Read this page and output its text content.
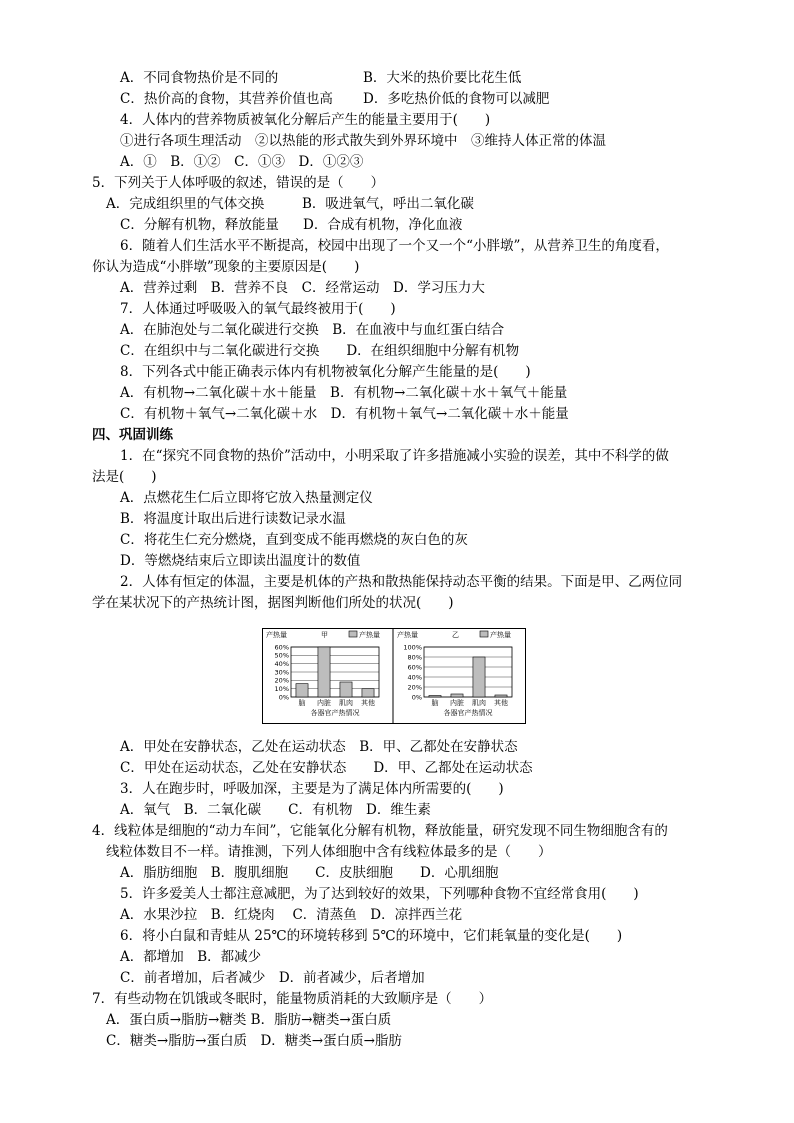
A．不同食物热价是不同的	B．大米的热价要比花生低
C．热价高的食物，其营养价值也高 D．多吃热价低的食物可以减肥
4．人体内的营养物质被氧化分解后产生的能量主要用于(　　)
①进行各项生理活动　②以热能的形式散失到外界环境中　③维持人体正常的体温
A．①　B．①②　C．①③　D．①②③
5．下列关于人体呼吸的叙述，错误的是（　　）
A．完成组织里的气体交换	B．吸进氧气，呼出二氧化碳
C．分解有机物，释放能量 D．合成有机物，净化血液
6．随着人们生活水平不断提高，校园中出现了一个又一个“小胖墩”，从营养卫生的角度看，
你认为造成“小胖墩”现象的主要原因是(　　)
A．营养过剩　B．营养不良　C．经常运动　D．学习压力大
7．人体通过呼吸吸入的氧气最终被用于(　　)
A．在肺泡处与二氧化碳进行交换　B．在血液中与血红蛋白结合
C．在组织中与二氧化碳进行交换　　D．在组织细胞中分解有机物
8．下列各式中能正确表示体内有机物被氧化分解产生能量的是(　　)
A．有机物→二氧化碳＋水＋能量　B．有机物→二氧化碳＋水＋氧气＋能量
C．有机物＋氧气→二氧化碳＋水　D．有机物＋氧气→二氧化碳＋水＋能量
四、巩固训练
1．在“探究不同食物的热价”活动中，小明采取了许多措施减小实验的误差，其中不科学的做
法是(　　)
A．点燃花生仁后立即将它放入热量测定仪
B．将温度计取出后进行读数记录水温
C．将花生仁充分燃烧，直到变成不能再燃烧的灰白色的灰
D．等燃烧结束后立即读出温度计的数值
2．人体有恒定的体温，主要是机体的产热和散热能保持动态平衡的结果。下面是甲、乙两位同
学在某状况下的产热统计图，据图判断他们所处的状况(　　)
A．甲处在安静状态，乙处在运动状态　B．甲、乙都处在安静状态
C．甲处在运动状态，乙处在安静状态　　D．甲、乙都处在运动状态
3．人在跑步时，呼吸加深，主要是为了满足体内所需要的(　　)
A．氧气　B．二氧化碳　　C．有机物　D．维生素
4．线粒体是细胞的“动力车间”，它能氧化分解有机物，释放能量，研究发现不同生物细胞含有的
线粒体数目不一样。请推测，下列人体细胞中含有线粒体最多的是（　　）
A．脂肪细胞　B．腹肌细胞　　C．皮肤细胞　　D．心肌细胞
5．许多爱美人士都注意减肥，为了达到较好的效果，下列哪种食物不宜经常食用(　　)
A．水果沙拉　B．红烧肉　 C．清蒸鱼　D．凉拌西兰花
6．将小白鼠和青蛙从 25℃的环境转移到 5℃的环境中，它们耗氧量的变化是(　　)
A．都增加　B．都减少
C．前者增加，后者减少　D．前者减少，后者增加
7．有些动物在饥饿或冬眠时，能量物质消耗的大致顺序是（　　）
A．蛋白质→脂肪→糖类 B．脂肪→糖类→蛋白质
C．糖类→脂肪→蛋白质　D．糖类→蛋白质→脂肪
产热量	甲	产热量
0%
10%
20%
30%
40%
50%
60%
脑 内脏 肌肉 其他
各器官产热情况
产热量	乙	产热量
0%
20%
40%
60%
80%
100%
脑 内脏 肌肉 其他
各器官产热情况
